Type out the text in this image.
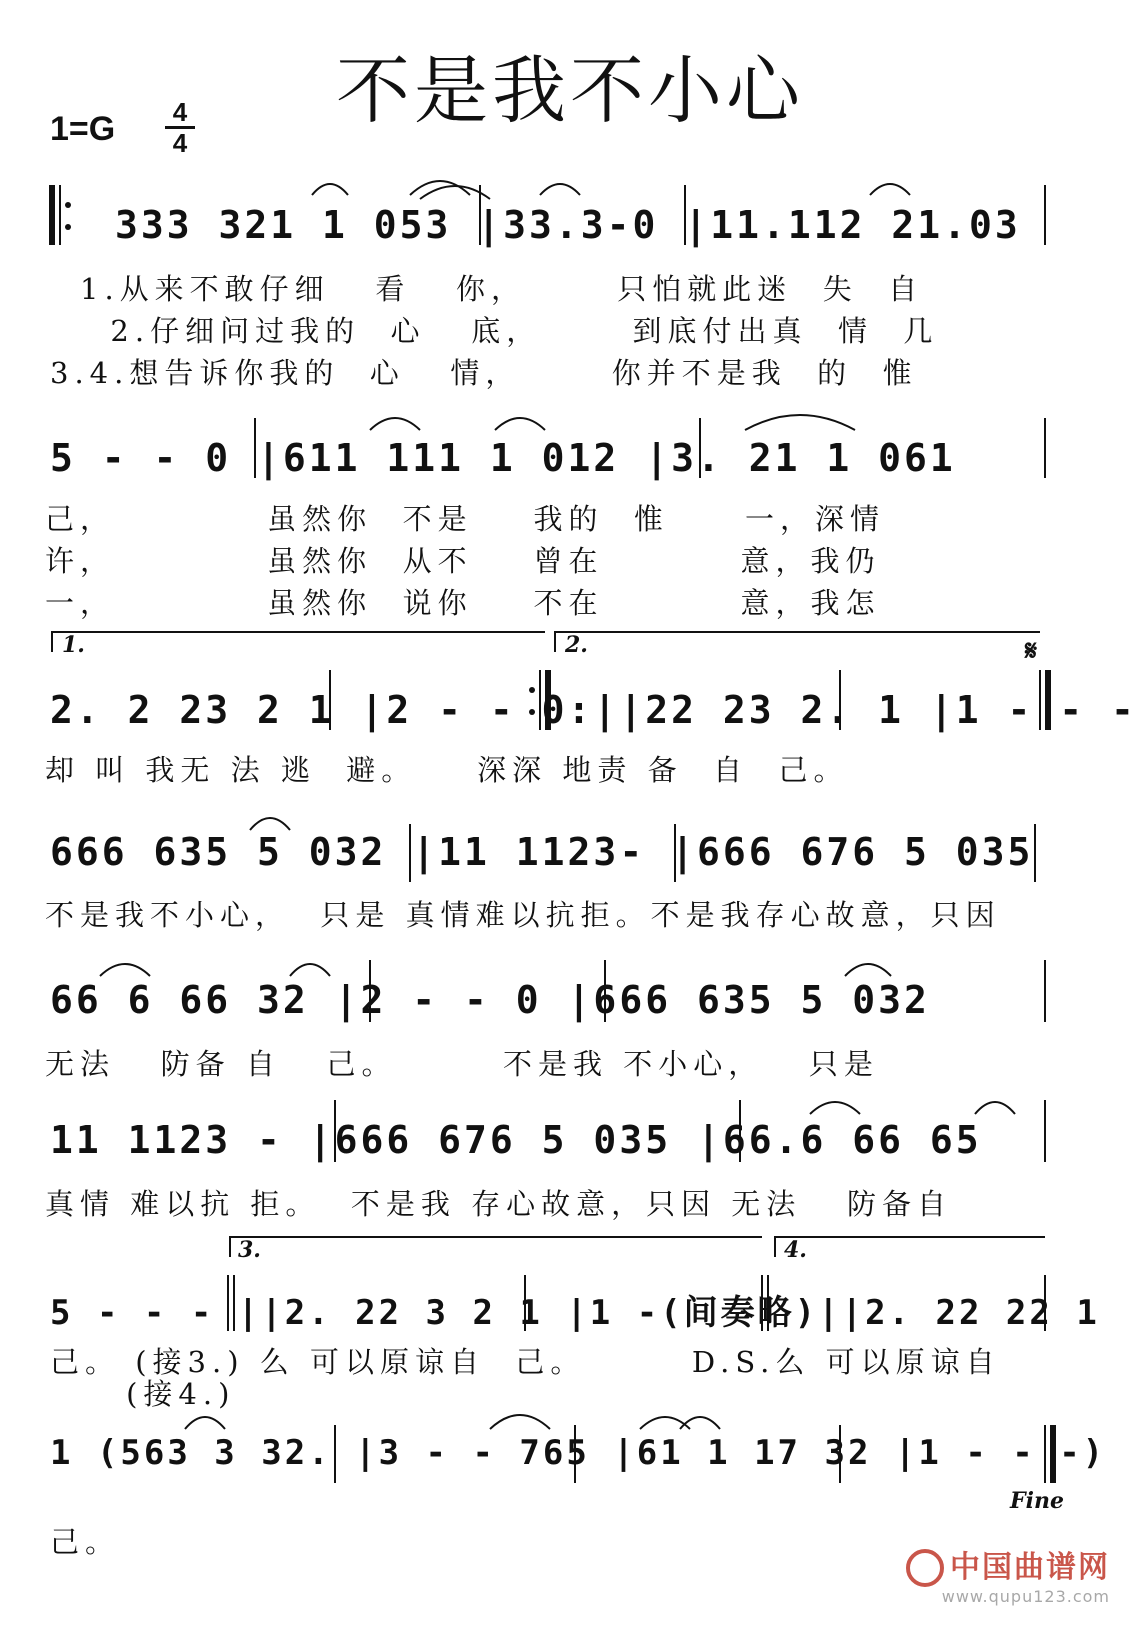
不是我不小心
1=G 4
4
333 321 1 053 |33.3-0 |11.112 21.03
1.从来不敢仔细   看   你，      只怕就此迷  失  自
2.仔细问过我的  心   底，      到底付出真  情  几
3.4.想告诉你我的  心   情，      你并不是我  的  惟
5 - - 0 |611 111 1 012 |3. 21 1 061
己，          虽然你  不是    我的  惟     一，深情
许，          虽然你  从不    曾在         意，我仍
一，          虽然你  说你    不在         意，我怎
1.	2.	𝄋
2. 2 23 2 1 |2 - - 0:||22 23 2. 1 |1 - - -
却 叫 我无 法 逃  避。    深深 地责 备  自  己。
666 635 5 032 |11 1123- |666 676 5 035
不是我不小心，  只是 真情难以抗拒。不是我存心故意，只因
66 6 66 32 |2 - - 0 |666 635 5 032
无法   防备 自   己。       不是我 不小心，   只是
11 1123 - |666 676 5 035 |66.6 66 65
真情 难以抗 拒。  不是我 存心故意，只因 无法   防备自
3.	4.
5 - - - ||2. 22 3 2 1 |1 -(间奏略)||2. 22 22 1
己。 (接3.) 么 可以原谅自  己。       D.S.么 可以原谅自
(接4.)
1 (563 3 32. |3 - - 765 |61 1 17 32 |1 - - -)
Fine
己。
中国曲谱网
www.qupu123.com
